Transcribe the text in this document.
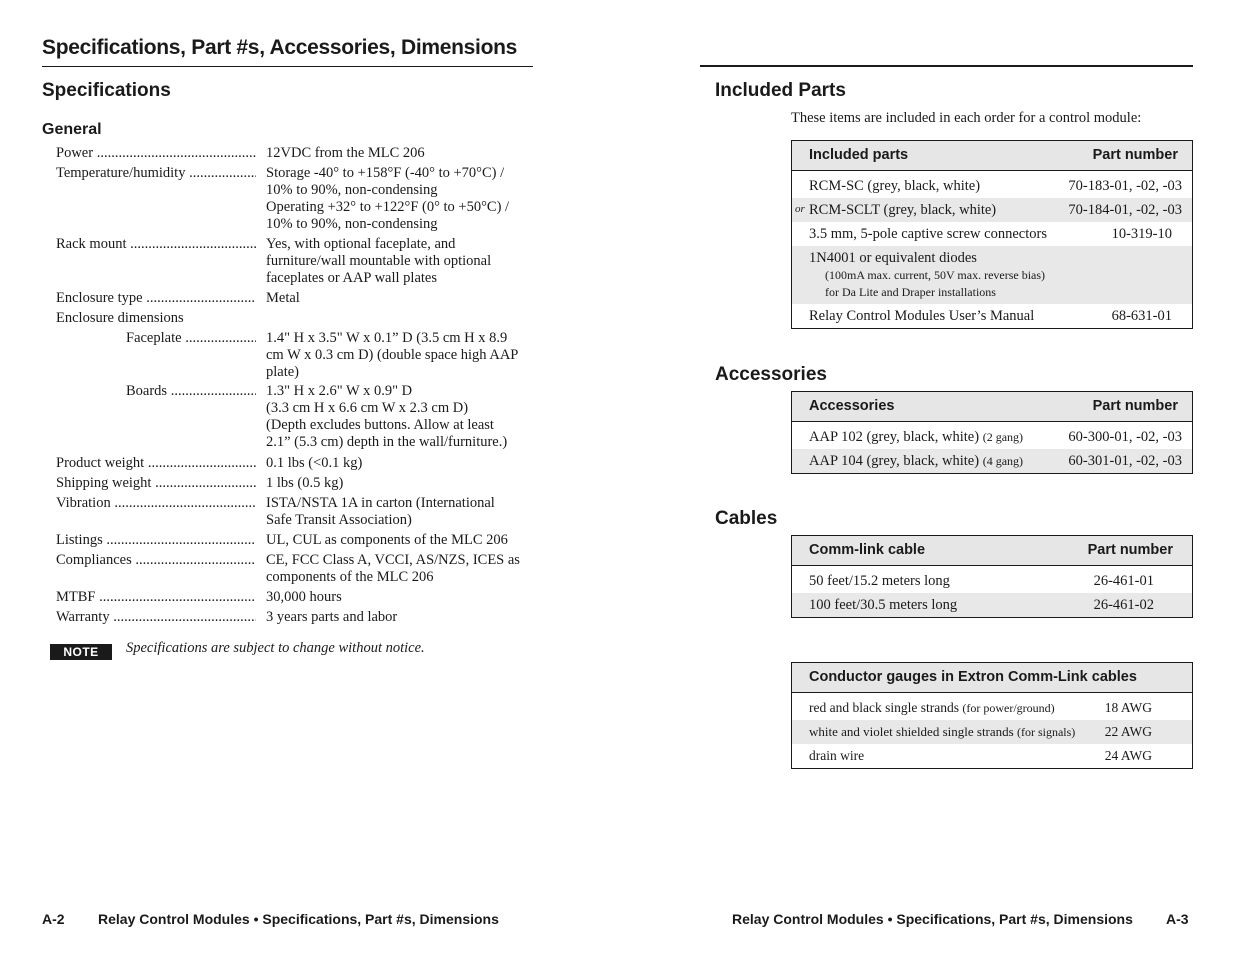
Specifications, Part #s, Accessories, Dimensions
Specifications
General
Power .....	12VDC from the MLC 206
Temperature/humidity .....	Storage -40° to +158°F (-40° to +70°C) /
10% to 90%, non-condensing
Operating +32° to +122°F (0° to +50°C) /
10% to 90%, non-condensing
Rack mount .....	Yes, with optional faceplate, and
furniture/wall mountable with optional
faceplates or AAP wall plates
Enclosure type .....	Metal
Enclosure dimensions
Faceplate .....	1.4" H x 3.5" W x 0.1” D (3.5 cm H x 8.9
cm W x 0.3 cm D) (double space high AAP
plate)
Boards .....	1.3" H x 2.6" W x 0.9" D
(3.3 cm H x 6.6 cm W x 2.3 cm D)
(Depth excludes buttons. Allow at least
2.1” (5.3 cm) depth in the wall/furniture.)
Product weight .....	0.1 lbs (<0.1 kg)
Shipping weight .....	1 lbs (0.5 kg)
Vibration .....	ISTA/NSTA 1A in carton (International
Safe Transit Association)
Listings .....	UL, CUL as components of the MLC 206
Compliances .....	CE, FCC Class A, VCCI, AS/NZS, ICES as
components of the MLC 206
MTBF .....	30,000 hours
Warranty .....	3 years parts and labor
NOTE	Specifications are subject to change without notice.
A-2 Relay Control Modules • Specifications, Part #s, Dimensions
Included Parts
These items are included in each order for a control module:
Included parts	Part number
RCM-SC (grey, black, white)	70-183-01, -02, -03
or RCM-SCLT (grey, black, white)	70-184-01, -02, -03
3.5 mm, 5-pole captive screw connectors	10-319-10
1N4001 or equivalent diodes
(100mA max. current, 50V max. reverse bias)
for Da Lite and Draper installations
Relay Control Modules User’s Manual	68-631-01
Accessories
Accessories	Part number
AAP 102 (grey, black, white) (2 gang)	60-300-01, -02, -03
AAP 104 (grey, black, white) (4 gang)	60-301-01, -02, -03
Cables
Comm-link cable	Part number
50 feet/15.2 meters long	26-461-01
100 feet/30.5 meters long	26-461-02
Conductor gauges in Extron Comm-Link cables
red and black single strands (for power/ground)	18 AWG
white and violet shielded single strands (for signals) 22 AWG
drain wire	24 AWG
Relay Control Modules • Specifications, Part #s, Dimensions A-3
